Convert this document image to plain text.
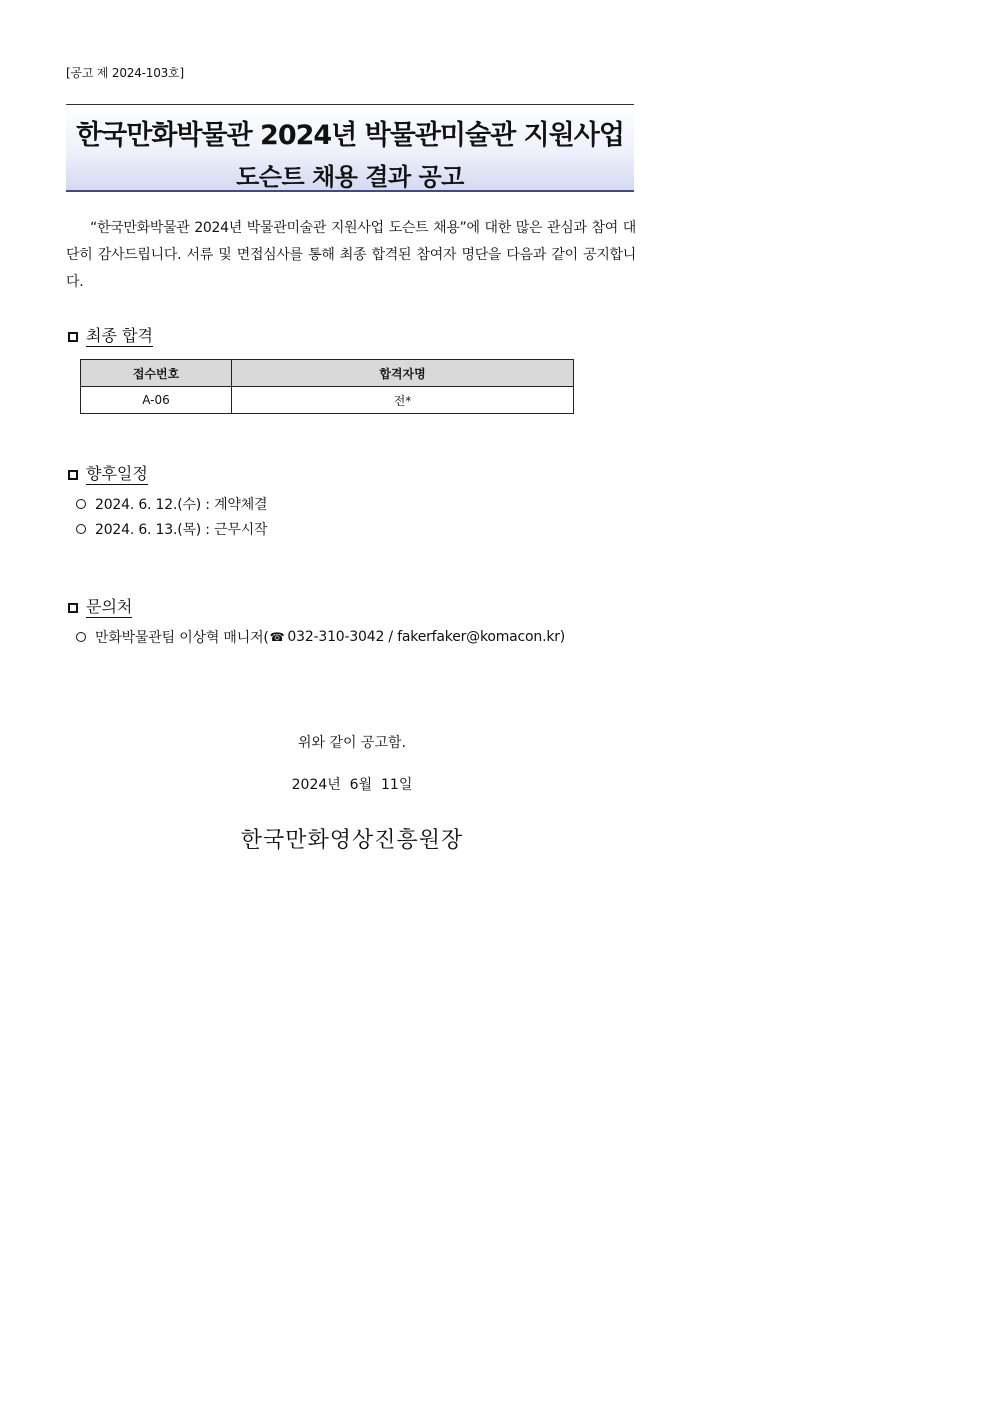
[공고 제 2024-103호]
한국만화박물관 2024년 박물관미술관 지원사업
도슨트 채용 결과 공고
“한국만화박물관 2024년 박물관미술관 지원사업 도슨트 채용”에 대한 많은 관심과 참여 대단히 감사드립니다. 서류 및 면접심사를 통해 최종 합격된 참여자 명단을 다음과 같이 공지합니다.
최종 합격
접수번호	합격자명
A-06	전*
향후일정
2024. 6. 12.(수) : 계약체결
2024. 6. 13.(목) : 근무시작
문의처
만화박물관팀 이상혁 매니저( ☎ 032-310-3042 / fakerfaker@komacon.kr)
위와 같이 공고함.
2024년  6월  11일
한국만화영상진흥원장
